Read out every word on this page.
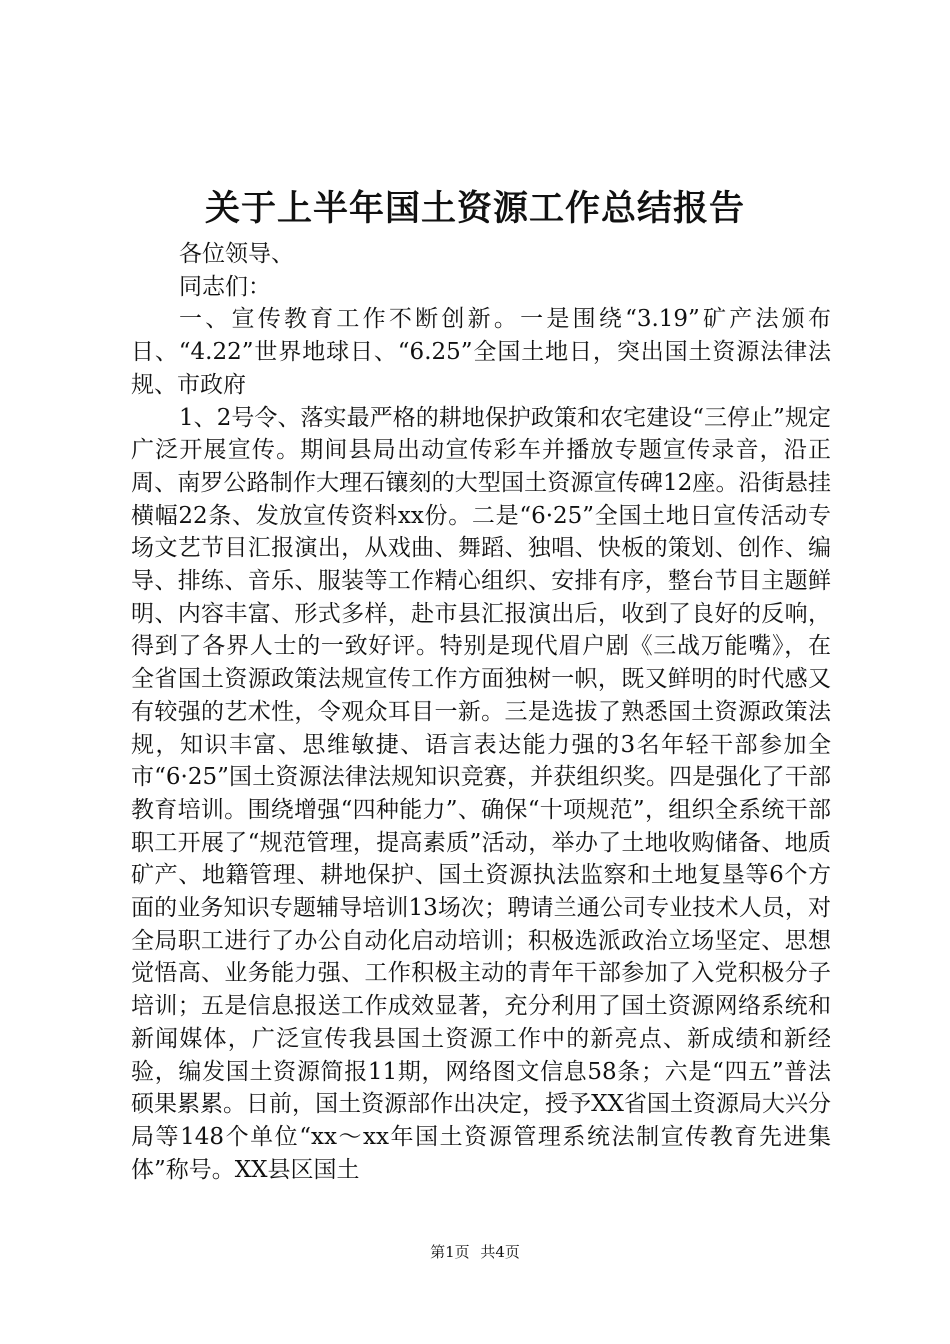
关于上半年国土资源工作总结报告

各位领导、

同志们：

一、宣传教育工作不断创新。一是围绕“3.19”矿产法颁布日、“4.22”世界地球日、“6.25”全国土地日，突出国土资源法律法规、市政府

1、2号令、落实最严格的耕地保护政策和农宅建设“三停止”规定广泛开展宣传。期间县局出动宣传彩车并播放专题宣传录音，沿正周、南罗公路制作大理石镶刻的大型国土资源宣传碑12座。沿街悬挂横幅22条、发放宣传资料xx份。二是“6·25”全国土地日宣传活动专场文艺节目汇报演出，从戏曲、舞蹈、独唱、快板的策划、创作、编导、排练、音乐、服装等工作精心组织、安排有序，整台节目主题鲜明、内容丰富、形式多样，赴市县汇报演出后，收到了良好的反响，得到了各界人士的一致好评。特别是现代眉户剧《三战万能嘴》，在全省国土资源政策法规宣传工作方面独树一帜，既又鲜明的时代感又有较强的艺术性，令观众耳目一新。三是选拔了熟悉国土资源政策法规，知识丰富、思维敏捷、语言表达能力强的3名年轻干部参加全市“6·25”国土资源法律法规知识竞赛，并获组织奖。四是强化了干部教育培训。围绕增强“四种能力”、确保“十项规范”，组织全系统干部职工开展了“规范管理，提高素质”活动，举办了土地收购储备、地质矿产、地籍管理、耕地保护、国土资源执法监察和土地复垦等6个方面的业务知识专题辅导培训13场次；聘请兰通公司专业技术人员，对全局职工进行了办公自动化启动培训；积极选派政治立场坚定、思想觉悟高、业务能力强、工作积极主动的青年干部参加了入党积极分子培训；五是信息报送工作成效显著，充分利用了国土资源网络系统和新闻媒体，广泛宣传我县国土资源工作中的新亮点、新成绩和新经验，编发国土资源简报11期，网络图文信息58条；六是“四五”普法硕果累累。日前，国土资源部作出决定，授予XX省国土资源局大兴分局等148个单位“xx～xx年国土资源管理系统法制宣传教育先进集体”称号。XX县区国土

第1页 共4页
